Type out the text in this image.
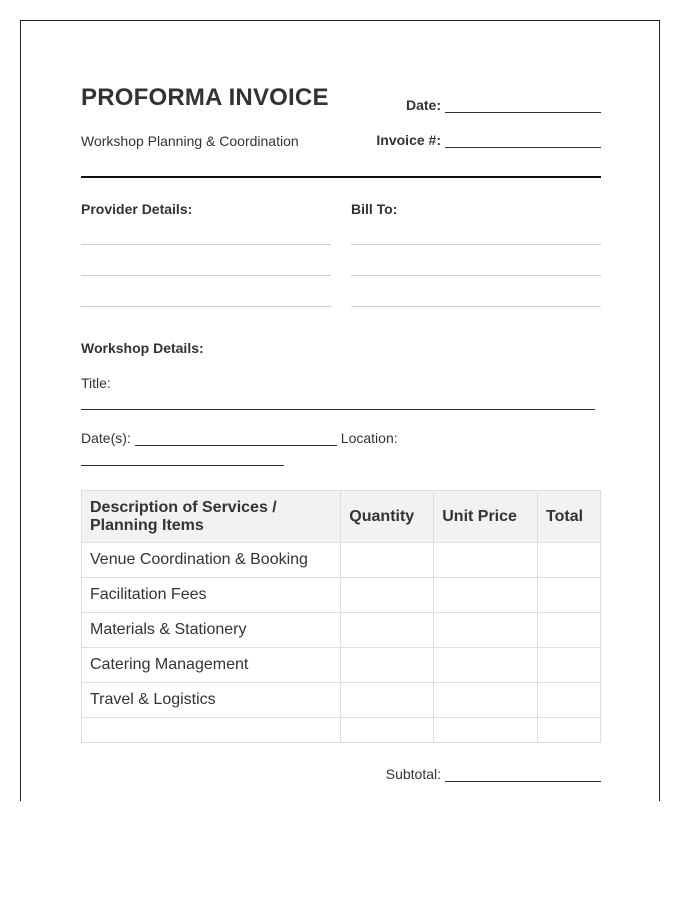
PROFORMA INVOICE
Workshop Planning & Coordination
Date:
Invoice #:
Provider Details:	Bill To:
Workshop Details:
Title:
Date(s):	Location:
Description of Services / Planning Items	Quantity	Unit Price	Total
Venue Coordination & Booking			
Facilitation Fees			
Materials & Stationery			
Catering Management			
Travel & Logistics			

Subtotal:
